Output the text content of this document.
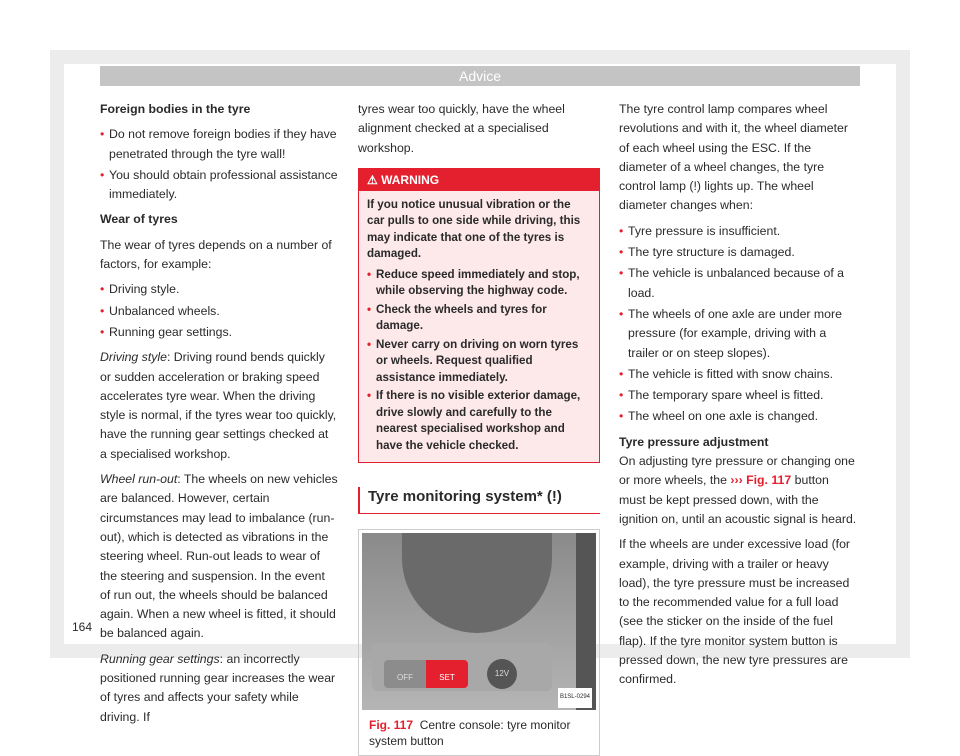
Advice

Foreign bodies in the tyre

• Do not remove foreign bodies if they have penetrated through the tyre wall!

• You should obtain professional assistance immediately.

Wear of tyres

The wear of tyres depends on a number of factors, for example:

• Driving style.

• Unbalanced wheels.

• Running gear settings.

Driving style: Driving round bends quickly or sudden acceleration or braking speed accelerates tyre wear. When the driving style is normal, if the tyres wear too quickly, have the running gear settings checked at a specialised workshop.

Wheel run-out: The wheels on new vehicles are balanced. However, certain circumstances may lead to imbalance (run-out), which is detected as vibrations in the steering wheel. Run-out leads to wear of the steering and suspension. In the event of run out, the wheels should be balanced again. When a new wheel is fitted, it should be balanced again.

Running gear settings: an incorrectly positioned running gear increases the wear of tyres and affects your safety while driving. If

tyres wear too quickly, have the wheel alignment checked at a specialised workshop.

⚠ WARNING

If you notice unusual vibration or the car pulls to one side while driving, this may indicate that one of the tyres is damaged.

• Reduce speed immediately and stop, while observing the highway code.

• Check the wheels and tyres for damage.

• Never carry on driving on worn tyres or wheels. Request qualified assistance immediately.

• If there is no visible exterior damage, drive slowly and carefully to the nearest specialised workshop and have the vehicle checked.

Tyre monitoring system* (!)
OFF	SET	12V
B1SL-0294
Fig. 117 Centre console: tyre monitor system button

The tyre control lamp compares wheel revolutions and with it, the wheel diameter of each wheel using the ESC. If the diameter of a wheel changes, the tyre control lamp (!) lights up. The wheel diameter changes when:

• Tyre pressure is insufficient.

• The tyre structure is damaged.

• The vehicle is unbalanced because of a load.

• The wheels of one axle are under more pressure (for example, driving with a trailer or on steep slopes).

• The vehicle is fitted with snow chains.

• The temporary spare wheel is fitted.

• The wheel on one axle is changed.

Tyre pressure adjustment

On adjusting tyre pressure or changing one or more wheels, the ››› Fig. 117 button must be kept pressed down, with the ignition on, until an acoustic signal is heard.

If the wheels are under excessive load (for example, driving with a trailer or heavy load), the tyre pressure must be increased to the recommended value for a full load (see the sticker on the inside of the fuel flap). If the tyre monitor system button is pressed down, the new tyre pressures are confirmed.

164
